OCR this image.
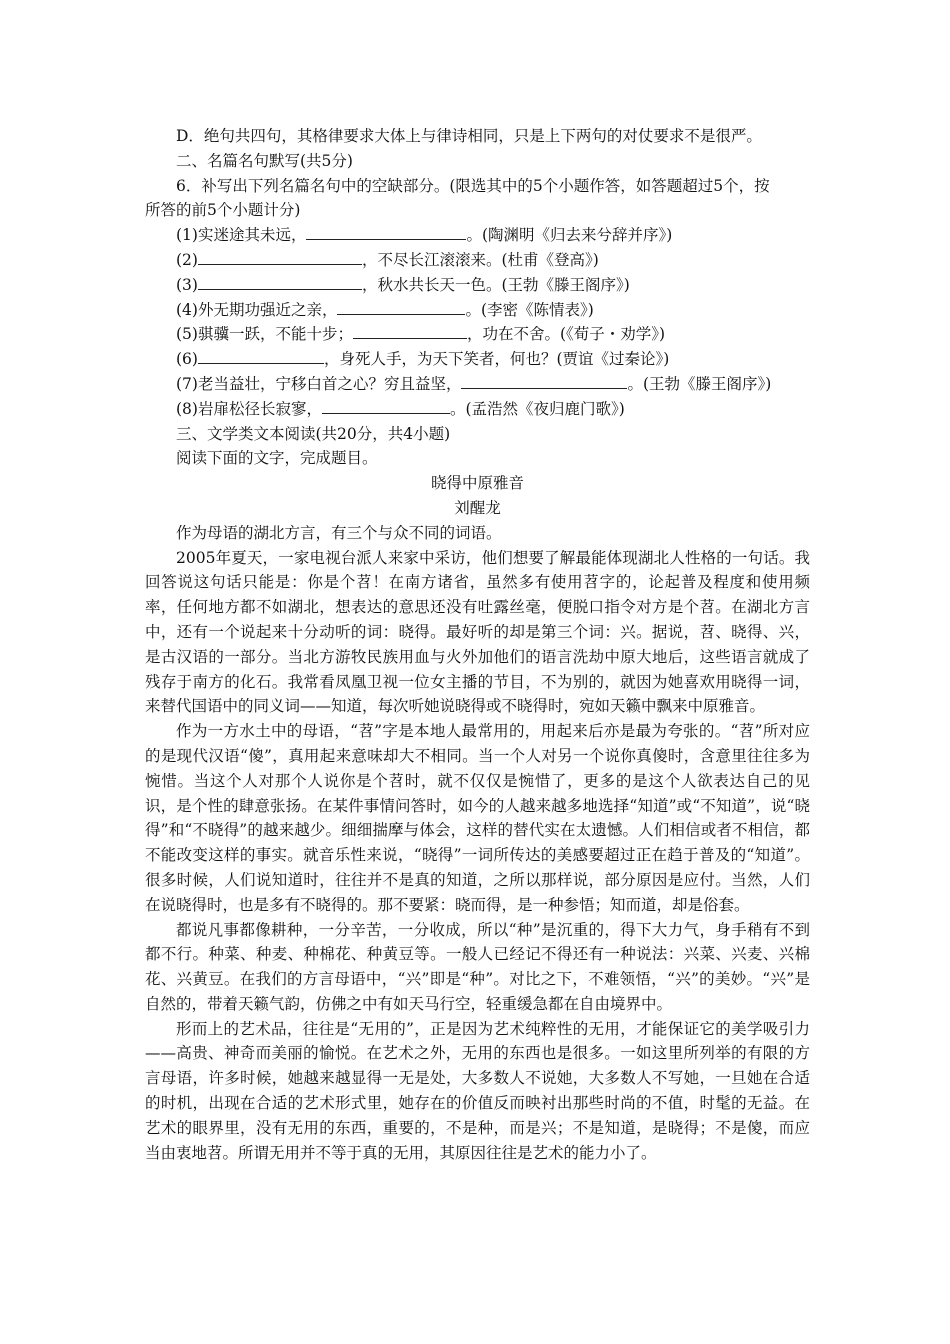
D．绝句共四句，其格律要求大体上与律诗相同，只是上下两句的对仗要求不是很严。
二、名篇名句默写(共5分)
6．补写出下列名篇名句中的空缺部分。(限选其中的5个小题作答，如答题超过5个，按
所答的前5个小题计分)
(1)实迷途其未远，	。(陶渊明《归去来兮辞并序》)
(2)	，不尽长江滚滚来。(杜甫《登高》)
(3)	，秋水共长天一色。(王勃《滕王阁序》)
(4)外无期功强近之亲，	。(李密《陈情表》)
(5)骐骥一跃，不能十步；	，功在不舍。(《荀子・劝学》)
(6)	，身死人手，为天下笑者，何也？(贾谊《过秦论》)
(7)老当益壮，宁移白首之心？穷且益坚，	。(王勃《滕王阁序》)
(8)岩扉松径长寂寥，	。(孟浩然《夜归鹿门歌》)
三、文学类文本阅读(共20分，共4小题)
阅读下面的文字，完成题目。
晓得中原雅音
刘醒龙
作为母语的湖北方言，有三个与众不同的词语。
2005年夏天，一家电视台派人来家中采访，他们想要了解最能体现湖北人性格的一句话。我回答说这句话只能是：你是个苕！在南方诸省，虽然多有使用苕字的，论起普及程度和使用频率，任何地方都不如湖北，想表达的意思还没有吐露丝毫，便脱口指令对方是个苕。在湖北方言中，还有一个说起来十分动听的词：晓得。最好听的却是第三个词：兴。据说，苕、晓得、兴，是古汉语的一部分。当北方游牧民族用血与火外加他们的语言洗劫中原大地后，这些语言就成了残存于南方的化石。我常看凤凰卫视一位女主播的节目，不为别的，就因为她喜欢用晓得一词，来替代国语中的同义词——知道，每次听她说晓得或不晓得时，宛如天籁中飘来中原雅音。
作为一方水土中的母语，“苕”字是本地人最常用的，用起来后亦是最为夸张的。“苕”所对应的是现代汉语“傻”，真用起来意味却大不相同。当一个人对另一个说你真傻时，含意里往往多为惋惜。当这个人对那个人说你是个苕时，就不仅仅是惋惜了，更多的是这个人欲表达自己的见识，是个性的肆意张扬。在某件事情问答时，如今的人越来越多地选择“知道”或“不知道”，说“晓得”和“不晓得”的越来越少。细细揣摩与体会，这样的替代实在太遗憾。人们相信或者不相信，都不能改变这样的事实。就音乐性来说，“晓得”一词所传达的美感要超过正在趋于普及的“知道”。很多时候，人们说知道时，往往并不是真的知道，之所以那样说，部分原因是应付。当然，人们在说晓得时，也是多有不晓得的。那不要紧：晓而得，是一种参悟；知而道，却是俗套。
都说凡事都像耕种，一分辛苦，一分收成，所以“种”是沉重的，得下大力气，身手稍有不到都不行。种菜、种麦、种棉花、种黄豆等。一般人已经记不得还有一种说法：兴菜、兴麦、兴棉花、兴黄豆。在我们的方言母语中，“兴”即是“种”。对比之下，不难领悟，“兴”的美妙。“兴”是自然的，带着天籁气韵，仿佛之中有如天马行空，轻重缓急都在自由境界中。
形而上的艺术品，往往是“无用的”，正是因为艺术纯粹性的无用，才能保证它的美学吸引力——高贵、神奇而美丽的愉悦。在艺术之外，无用的东西也是很多。一如这里所列举的有限的方言母语，许多时候，她越来越显得一无是处，大多数人不说她，大多数人不写她，一旦她在合适的时机，出现在合适的艺术形式里，她存在的价值反而映衬出那些时尚的不值，时髦的无益。在艺术的眼界里，没有无用的东西，重要的，不是种，而是兴；不是知道，是晓得；不是傻，而应当由衷地苕。所谓无用并不等于真的无用，其原因往往是艺术的能力小了。
